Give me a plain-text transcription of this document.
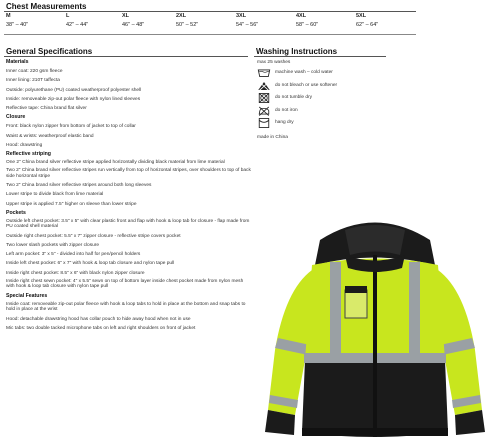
Chest Measurements
M
38" – 40"
L
42" – 44"
XL
46" – 48"
2XL
50" – 52"
3XL
54" – 56"
4XL
58" – 60"
5XL
62" – 64"
General Specifications
Materials
Inner coat: 220 gsm fleece
Inner lining: 210T taffecta
Outside: polyurethane (PU) coated weatherproof polyester shell
Inside: removeable zip-out polar fleece with nylon lined sleeves
Reflective tape: China brand flat silver
Closure
Front: black nylon zipper from bottom of jacket to top of collar
Waist & wrists: weatherproof elastic band
Hood: drawstring
Reflective striping
One 2" China brand silver reflective stripe applied horizontally dividing black material from lime material
Two 2" China brand silver reflective stripes run vertically from top of horizontal stripes, over shoulders to top of back side horizontal stripe
Two 2" China brand silver reflective stripes around both long sleeves
Lower stripe to divide black from lime material
Upper stripe is applied 7.5" higher on sleeve than lower stripe
Pockets
Outside left chest pocket: 3.5" x 5" with clear plastic front and flap with hook & loop tab for closure - flap made from PU coated shell material
Outside right chest pocket: 5.5" x 7" zipper closure - reflective stripe covers pocket
Two lower slash pockets with zipper closure
Left arm pocket: 3" x 5" - divided into half for pen/pencil holders
Inside left chest pocket: 6" x 7" with hook & loop tab closure and nylon tape pull
Inside right chest pocket: 8.5" x 6" with black nylon zipper closure
Inside right chest sewn pocket: 4" x 5.5" sewn on top of bottom layer inside chest pocket made from nylon mesh with hook & loop tab closure with nylon tape pull
Special Features
Inside coat: removeable zip-out polar fleece with hook & loop tabs to hold in place at the bottom and snap tabs to hold in place at the wrist
Hood: detachable drawstring hood has collar pouch to hide away hood when not in use
Mic tabs: two double tacked microphone tabs on left and right shoulders on front of jacket
Washing Instructions
max 25 washes
machine wash – cold water
do not bleach or use softener
do not tumble dry
do not iron
hang dry
made in China
